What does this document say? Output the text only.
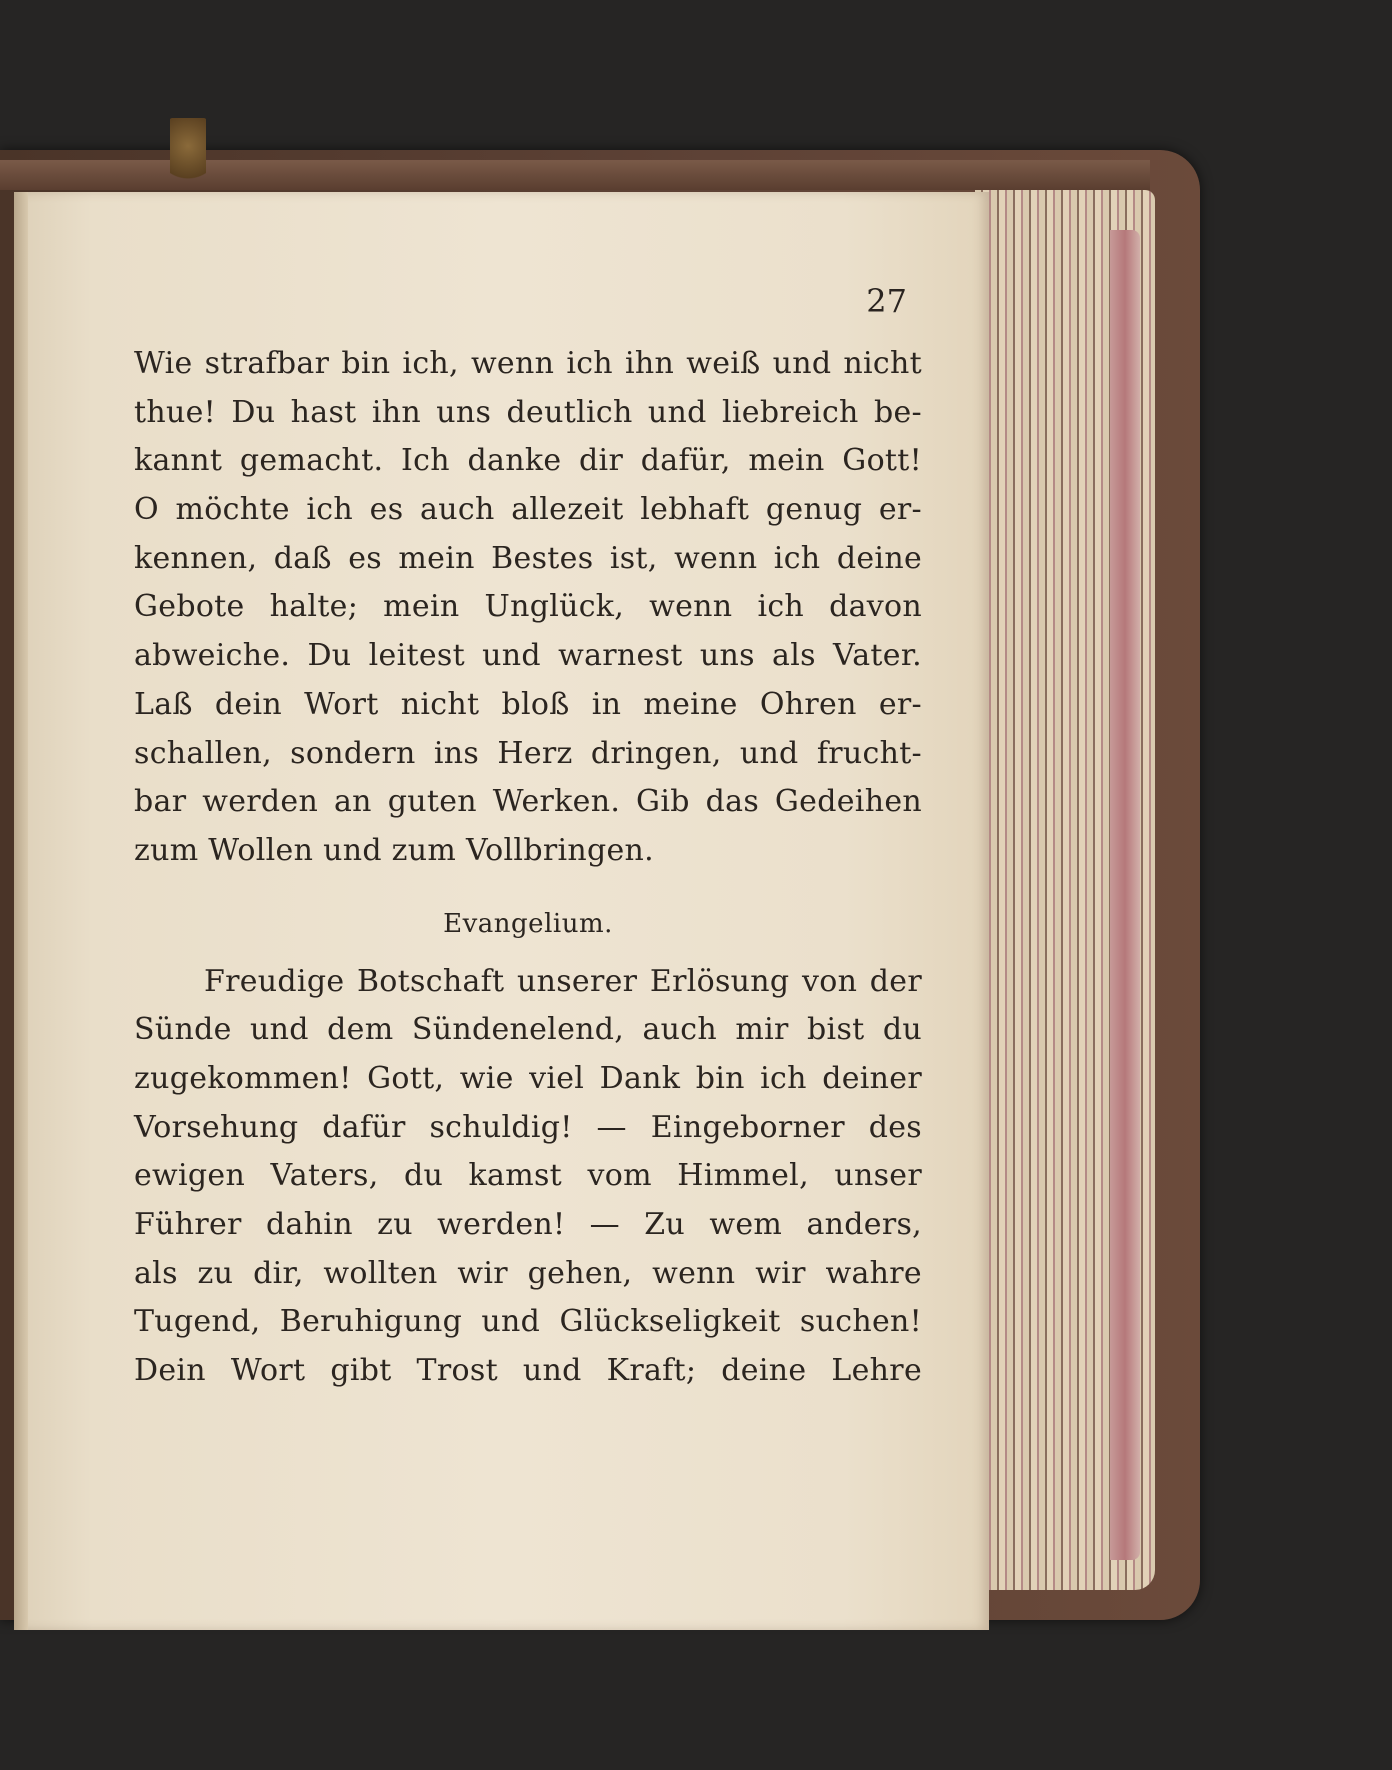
27
Wie strafbar bin ich, wenn ich ihn weiß und nicht
thue! Du hast ihn uns deutlich und liebreich be-
kannt gemacht. Ich danke dir dafür, mein Gott!
O möchte ich es auch allezeit lebhaft genug er-
kennen, daß es mein Bestes ist, wenn ich deine
Gebote halte; mein Unglück, wenn ich davon
abweiche. Du leitest und warnest uns als Vater.
Laß dein Wort nicht bloß in meine Ohren er-
schallen, sondern ins Herz dringen, und frucht-
bar werden an guten Werken. Gib das Gedeihen
zum Wollen und zum Vollbringen.
Evangelium.
Freudige Botschaft unserer Erlösung von der
Sünde und dem Sündenelend, auch mir bist du
zugekommen! Gott, wie viel Dank bin ich deiner
Vorsehung dafür schuldig! — Eingeborner des
ewigen Vaters, du kamst vom Himmel, unser
Führer dahin zu werden! — Zu wem anders,
als zu dir, wollten wir gehen, wenn wir wahre
Tugend, Beruhigung und Glückseligkeit suchen!
Dein Wort gibt Trost und Kraft; deine Lehre
